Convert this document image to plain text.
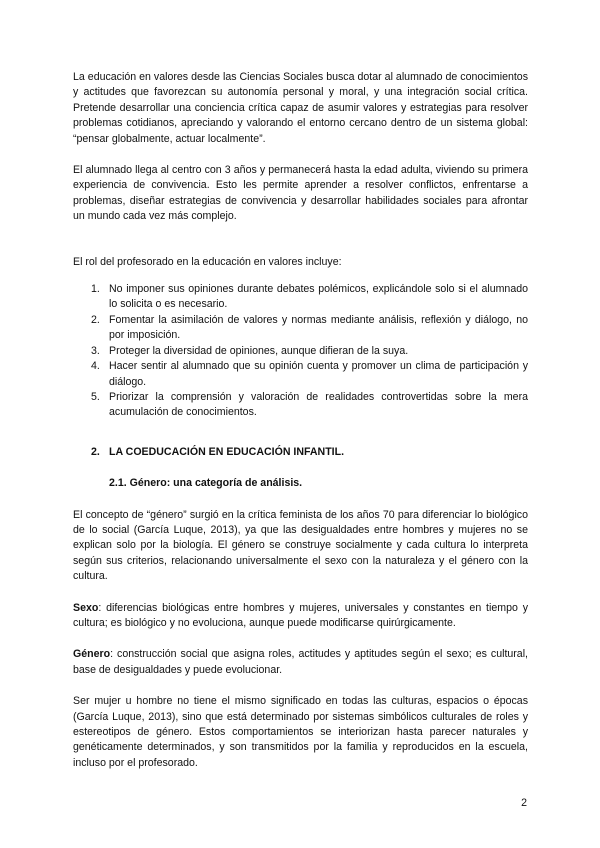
La educación en valores desde las Ciencias Sociales busca dotar al alumnado de conocimientos y actitudes que favorezcan su autonomía personal y moral, y una integración social crítica. Pretende desarrollar una conciencia crítica capaz de asumir valores y estrategias para resolver problemas cotidianos, apreciando y valorando el entorno cercano dentro de un sistema global: “pensar globalmente, actuar localmente”.

El alumnado llega al centro con 3 años y permanecerá hasta la edad adulta, viviendo su primera experiencia de convivencia. Esto les permite aprender a resolver conflictos, enfrentarse a problemas, diseñar estrategias de convivencia y desarrollar habilidades sociales para afrontar un mundo cada vez más complejo.

El rol del profesorado en la educación en valores incluye:

1. No imponer sus opiniones durante debates polémicos, explicándole solo si el alumnado lo solicita o es necesario.
2. Fomentar la asimilación de valores y normas mediante análisis, reflexión y diálogo, no por imposición.
3. Proteger la diversidad de opiniones, aunque difieran de la suya.
4. Hacer sentir al alumnado que su opinión cuenta y promover un clima de participación y diálogo.
5. Priorizar la comprensión y valoración de realidades controvertidas sobre la mera acumulación de conocimientos.
2. LA COEDUCACIÓN EN EDUCACIÓN INFANTIL.
2.1. Género: una categoría de análisis.

El concepto de “género” surgió en la crítica feminista de los años 70 para diferenciar lo biológico de lo social (García Luque, 2013), ya que las desigualdades entre hombres y mujeres no se explican solo por la biología. El género se construye socialmente y cada cultura lo interpreta según sus criterios, relacionando universalmente el sexo con la naturaleza y el género con la cultura.

Sexo: diferencias biológicas entre hombres y mujeres, universales y constantes en tiempo y cultura; es biológico y no evoluciona, aunque puede modificarse quirúrgicamente.

Género: construcción social que asigna roles, actitudes y aptitudes según el sexo; es cultural, base de desigualdades y puede evolucionar.

Ser mujer u hombre no tiene el mismo significado en todas las culturas, espacios o épocas (García Luque, 2013), sino que está determinado por sistemas simbólicos culturales de roles y estereotipos de género. Estos comportamientos se interiorizan hasta parecer naturales y genéticamente determinados, y son transmitidos por la familia y reproducidos en la escuela, incluso por el profesorado.

2
